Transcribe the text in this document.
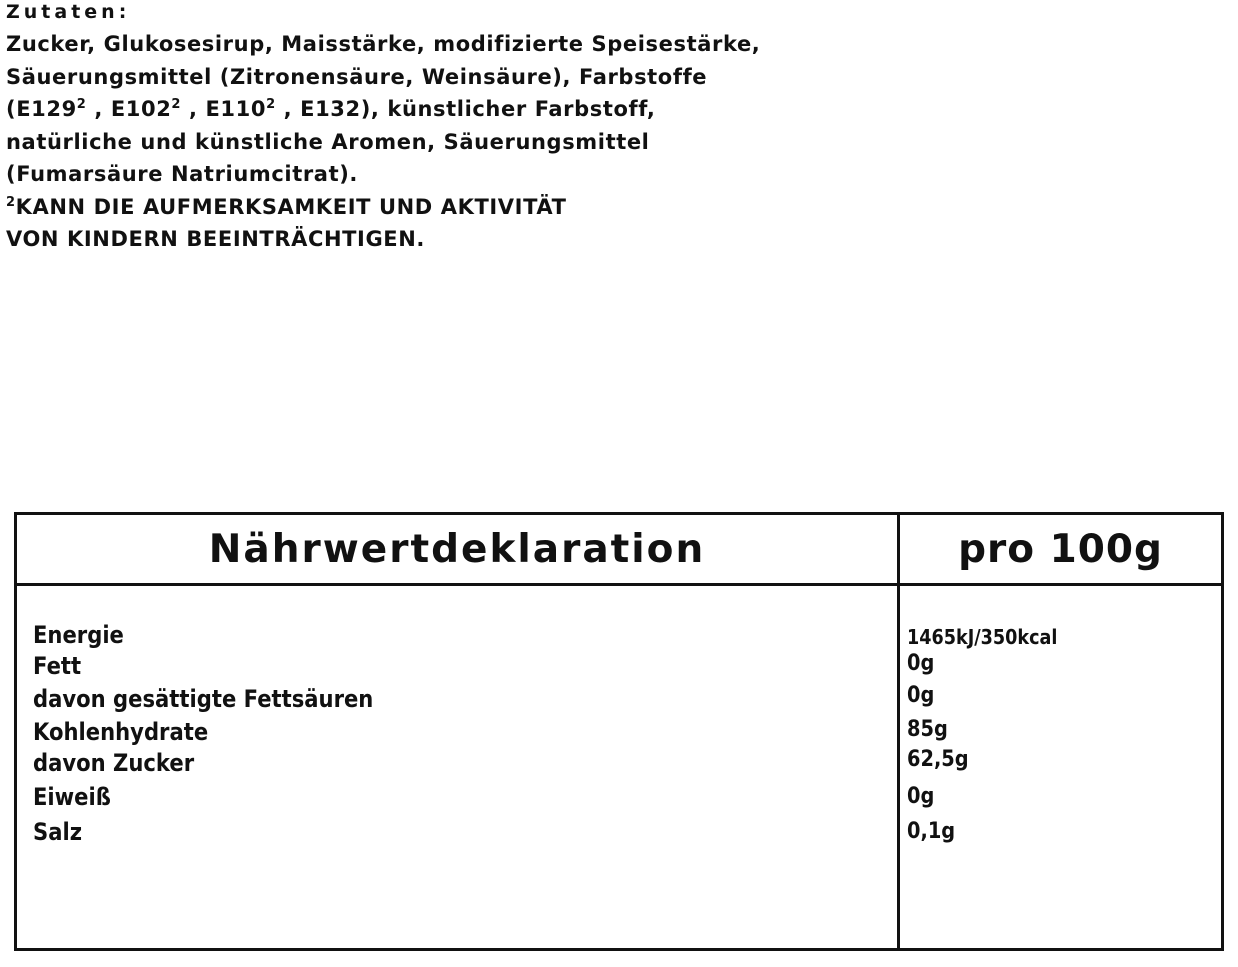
Zutaten:
Zucker, Glukosesirup, Maisstärke, modifizierte Speisestärke,
Säuerungsmittel (Zitronensäure, Weinsäure), Farbstoffe
($E129^2$ , $E102^2$ , $E110^2$ , E132), künstlicher Farbstoff,
natürliche und künstliche Aromen, Säuerungsmittel
(Fumarsäure Natriumcitrat).
$^2$KANN DIE AUFMERKSAMKEIT UND AKTIVITÄT
VON KINDERN BEEINTRÄCHTIGEN.
Nährwertdeklaration	pro 100g
Energie
Fett
davon gesättigte Fettsäuren
Kohlenhydrate
davon Zucker
Eiweiß
Salz
1465kJ/350kcal
0g
0g
85g
62,5g
0g
0,1g
